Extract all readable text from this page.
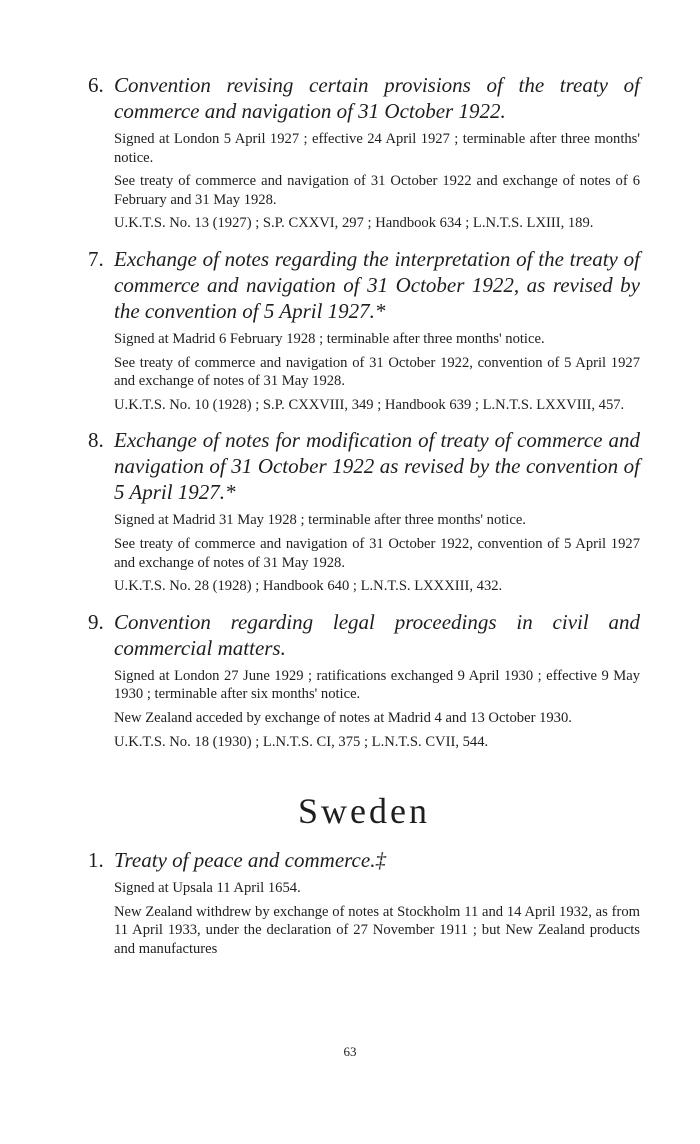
6. Convention revising certain provisions of the treaty of commerce and navigation of 31 October 1922.
Signed at London 5 April 1927 ; effective 24 April 1927 ; terminable after three months' notice.
See treaty of commerce and navigation of 31 October 1922 and exchange of notes of 6 February and 31 May 1928.
U.K.T.S. No. 13 (1927) ; S.P. CXXVI, 297 ; Handbook 634 ; L.N.T.S. LXIII, 189.
7. Exchange of notes regarding the interpretation of the treaty of commerce and navigation of 31 October 1922, as revised by the convention of 5 April 1927.*
Signed at Madrid 6 February 1928 ; terminable after three months' notice.
See treaty of commerce and navigation of 31 October 1922, convention of 5 April 1927 and exchange of notes of 31 May 1928.
U.K.T.S. No. 10 (1928) ; S.P. CXXVIII, 349 ; Handbook 639 ; L.N.T.S. LXXVIII, 457.
8. Exchange of notes for modification of treaty of commerce and navigation of 31 October 1922 as revised by the convention of 5 April 1927.*
Signed at Madrid 31 May 1928 ; terminable after three months' notice.
See treaty of commerce and navigation of 31 October 1922, convention of 5 April 1927 and exchange of notes of 31 May 1928.
U.K.T.S. No. 28 (1928) ; Handbook 640 ; L.N.T.S. LXXXIII, 432.
9. Convention regarding legal proceedings in civil and commercial matters.
Signed at London 27 June 1929 ; ratifications exchanged 9 April 1930 ; effective 9 May 1930 ; terminable after six months' notice.
New Zealand acceded by exchange of notes at Madrid 4 and 13 October 1930.
U.K.T.S. No. 18 (1930) ; L.N.T.S. CI, 375 ; L.N.T.S. CVII, 544.
Sweden
1. Treaty of peace and commerce.‡
Signed at Upsala 11 April 1654.
New Zealand withdrew by exchange of notes at Stockholm 11 and 14 April 1932, as from 11 April 1933, under the declaration of 27 November 1911 ; but New Zealand products and manufactures
63
